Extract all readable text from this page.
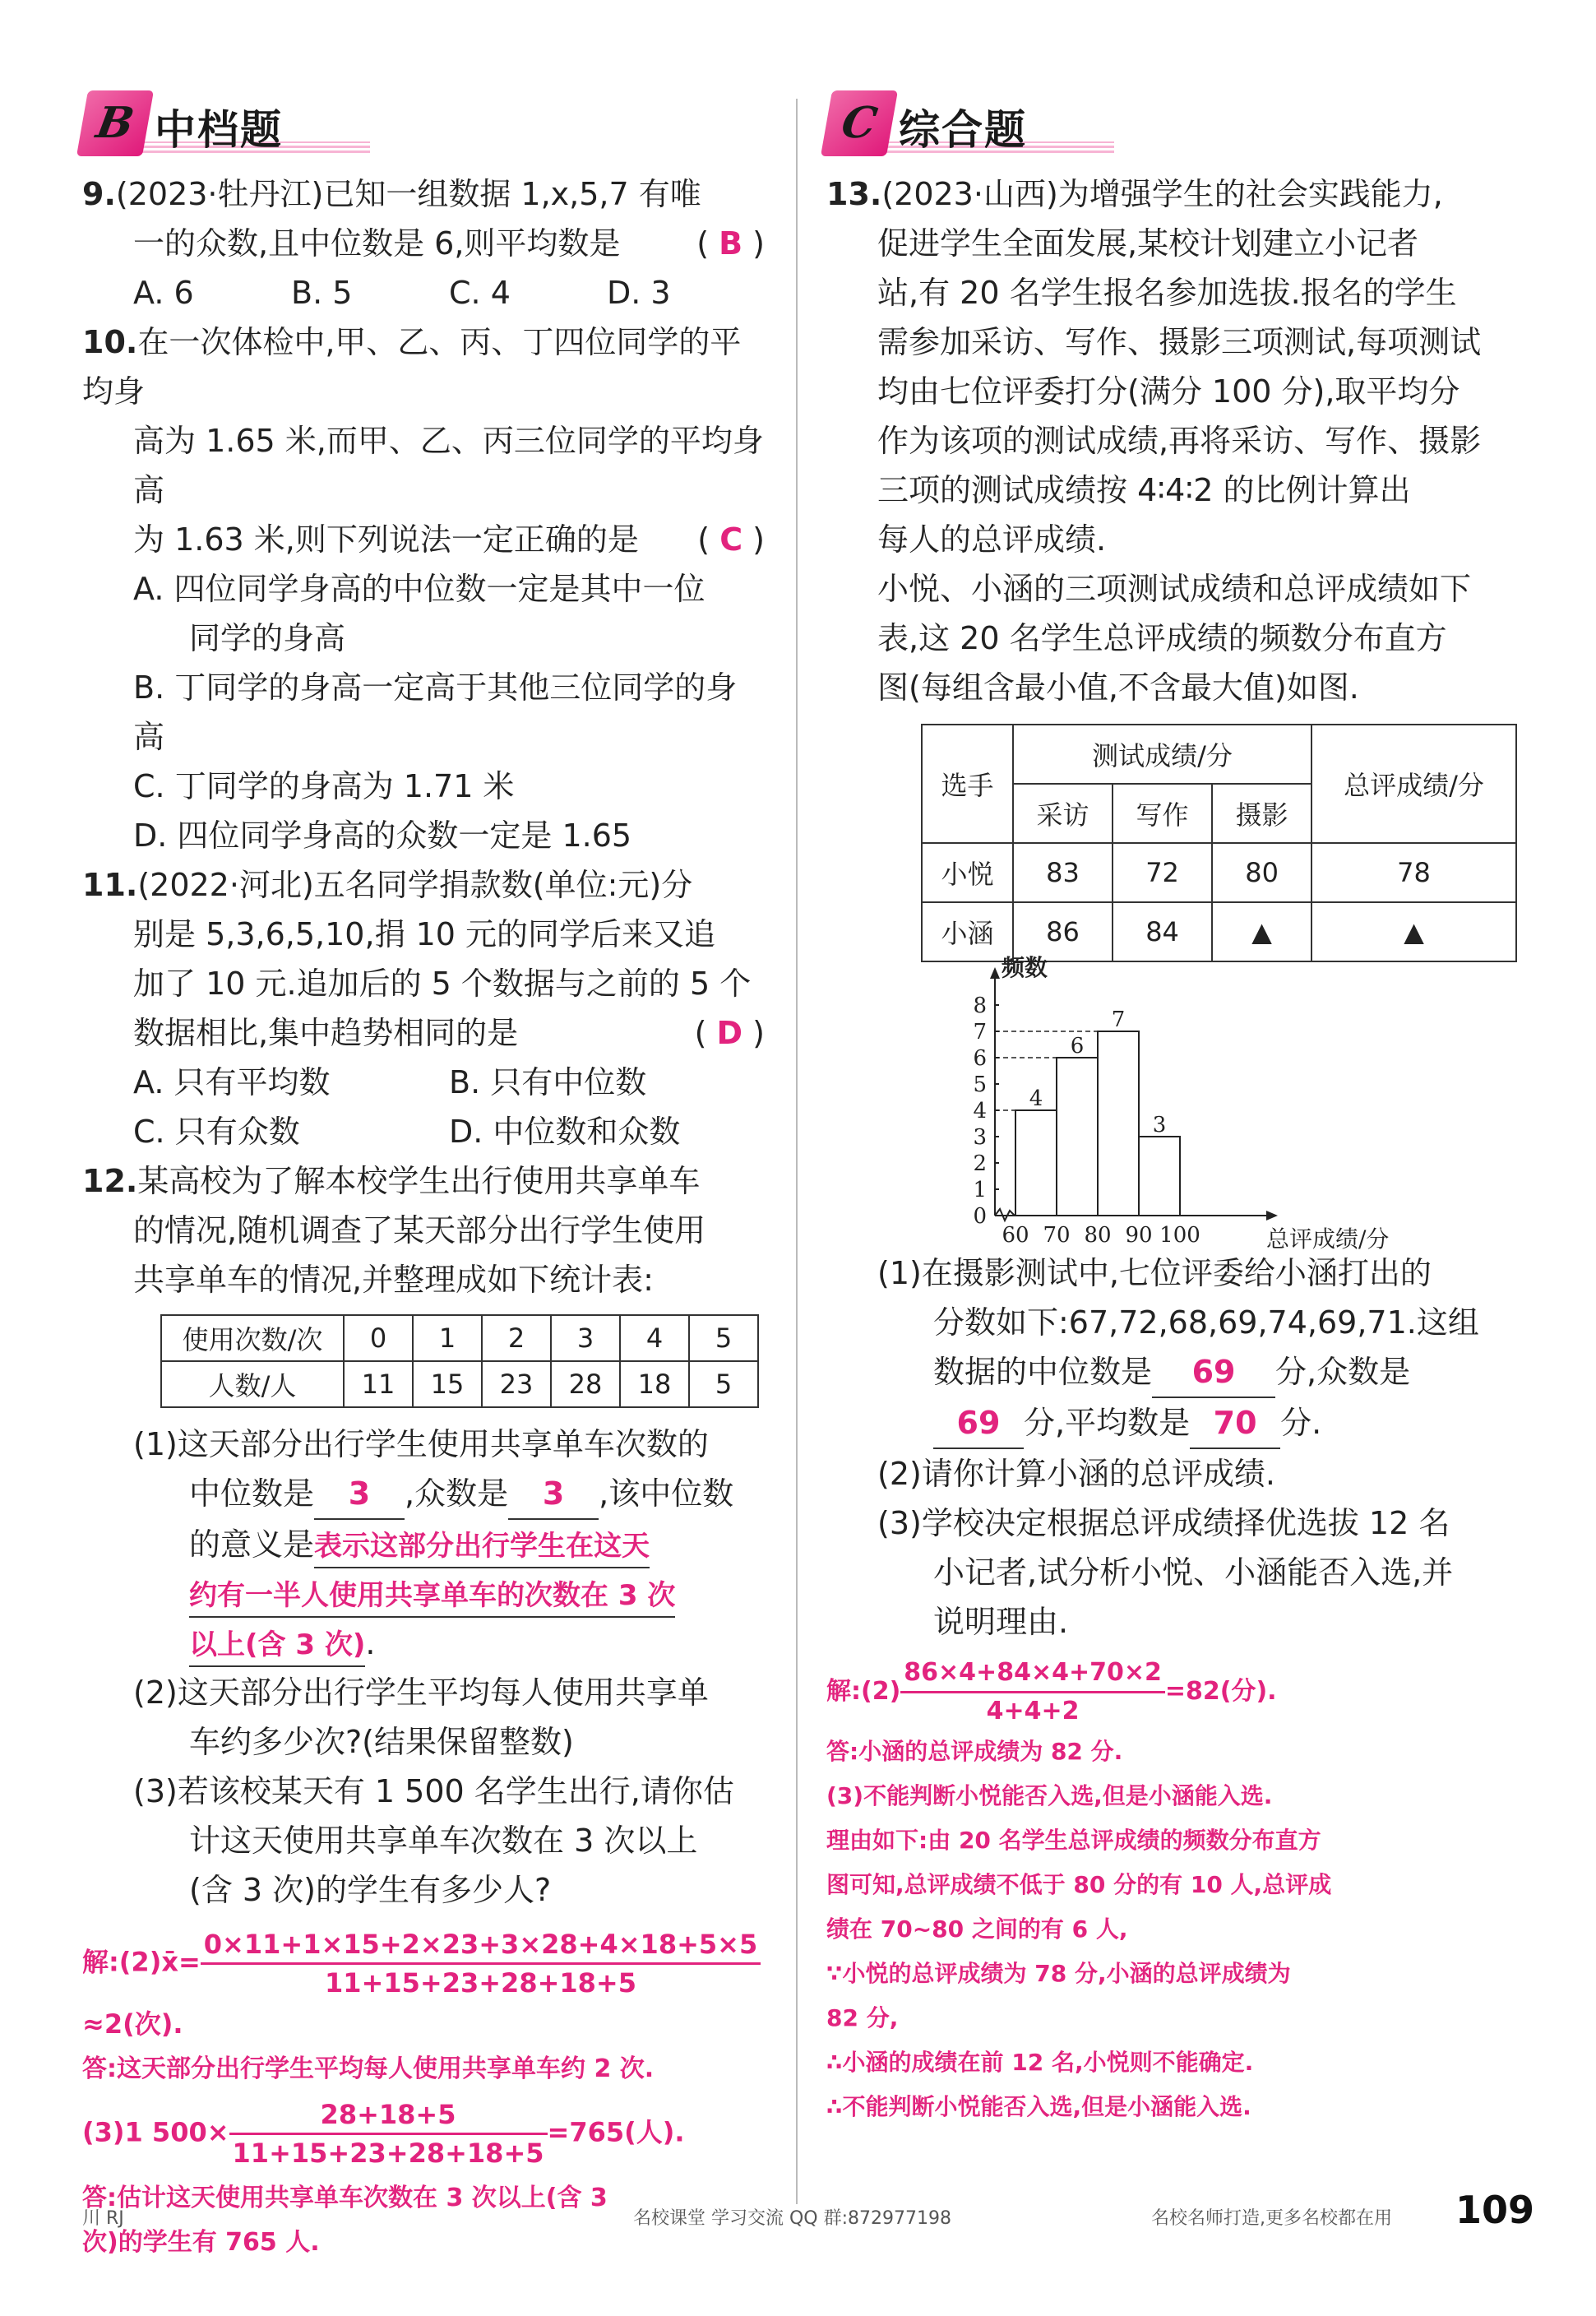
B 中档题

9.(2023·牡丹江)已知一组数据 1,x,5,7 有唯

一的众数,且中位数是 6,则平均数是 ( B )

A. 6	B. 5	C. 4	D. 3

10.在一次体检中,甲、乙、丙、丁四位同学的平均身

高为 1.65 米,而甲、乙、丙三位同学的平均身高

为 1.63 米,则下列说法一定正确的是 ( C )

A. 四位同学身高的中位数一定是其中一位

同学的身高

B. 丁同学的身高一定高于其他三位同学的身高

C. 丁同学的身高为 1.71 米

D. 四位同学身高的众数一定是 1.65

11.(2022·河北)五名同学捐款数(单位:元)分

别是 5,3,6,5,10,捐 10 元的同学后来又追

加了 10 元.追加后的 5 个数据与之前的 5 个

数据相比,集中趋势相同的是	( D )

A. 只有平均数	B. 只有中位数
C. 只有众数	D. 中位数和众数

12.某高校为了解本校学生出行使用共享单车

的情况,随机调查了某天部分出行学生使用

共享单车的情况,并整理成如下统计表:

使用次数/次	0	1	2	3	4	5
人数/人	11	15	23	28	18	5

(1)这天部分出行学生使用共享单车次数的

中位数是 3 ,众数是 3 ,该中位数

的意义是表示这部分出行学生在这天

约有一半人使用共享单车的次数在 3 次

以上(含 3 次).

(2)这天部分出行学生平均每人使用共享单

车约多少次?(结果保留整数)

(3)若该校某天有 1 500 名学生出行,请你估

计这天使用共享单车次数在 3 次以上

(含 3 次)的学生有多少人?

解:(2)x̄= $\frac{0\times 11+1\times 15+2\times 23+3\times 28+4\times 18+5\times 5}{11+15+23+28+18+5}$
≈2(次).
答:这天部分出行学生平均每人使用共享单车约 2 次.
(3)1 $500\times \frac{28+18+5}{11+15+23+28+18+5} =765$(人).
答:估计这天使用共享单车次数在 3 次以上(含 3
次)的学生有 765 人.
C 综合题

13.(2023·山西)为增强学生的社会实践能力,

促进学生全面发展,某校计划建立小记者

站,有 20 名学生报名参加选拔.报名的学生

需参加采访、写作、摄影三项测试,每项测试

均由七位评委打分(满分 100 分),取平均分

作为该项的测试成绩,再将采访、写作、摄影

三项的测试成绩按 4∶4∶2 的比例计算出

每人的总评成绩.

小悦、小涵的三项测试成绩和总评成绩如下

表,这 20 名学生总评成绩的频数分布直方

图(每组含最小值,不含最大值)如图.

选手	测试成绩/分			总评成绩/分
	采访	写作	摄影	
小悦	83	72	80	78
小涵	86	84	▲	▲
0
1
2
3
4
5
6
7
8
频数
60 70 80 90 100	总评成绩/分
4
6
7
3

(1)在摄影测试中,七位评委给小涵打出的

分数如下:67,72,68,69,74,69,71.这组

数据的中位数是 69 分,众数是

69 分,平均数是 70 分.

(2)请你计算小涵的总评成绩.

(3)学校决定根据总评成绩择优选拔 12 名

小记者,试分析小悦、小涵能否入选,并

说明理由.

解:(2) $\frac{86\times 4+84\times 4+70\times 2}{4+4+2} =82$(分).
答:小涵的总评成绩为 82 分.
(3)不能判断小悦能否入选,但是小涵能入选.
理由如下:由 20 名学生总评成绩的频数分布直方
图可知,总评成绩不低于 80 分的有 10 人,总评成
绩在 70~80 之间的有 6 人,
∵小悦的总评成绩为 78 分,小涵的总评成绩为
82 分,
∴小涵的成绩在前 12 名,小悦则不能确定.
∴不能判断小悦能否入选,但是小涵能入选.
川 RJ	名校课堂 学习交流 QQ 群:872977198	名校名师打造,更多名校都在用 109
